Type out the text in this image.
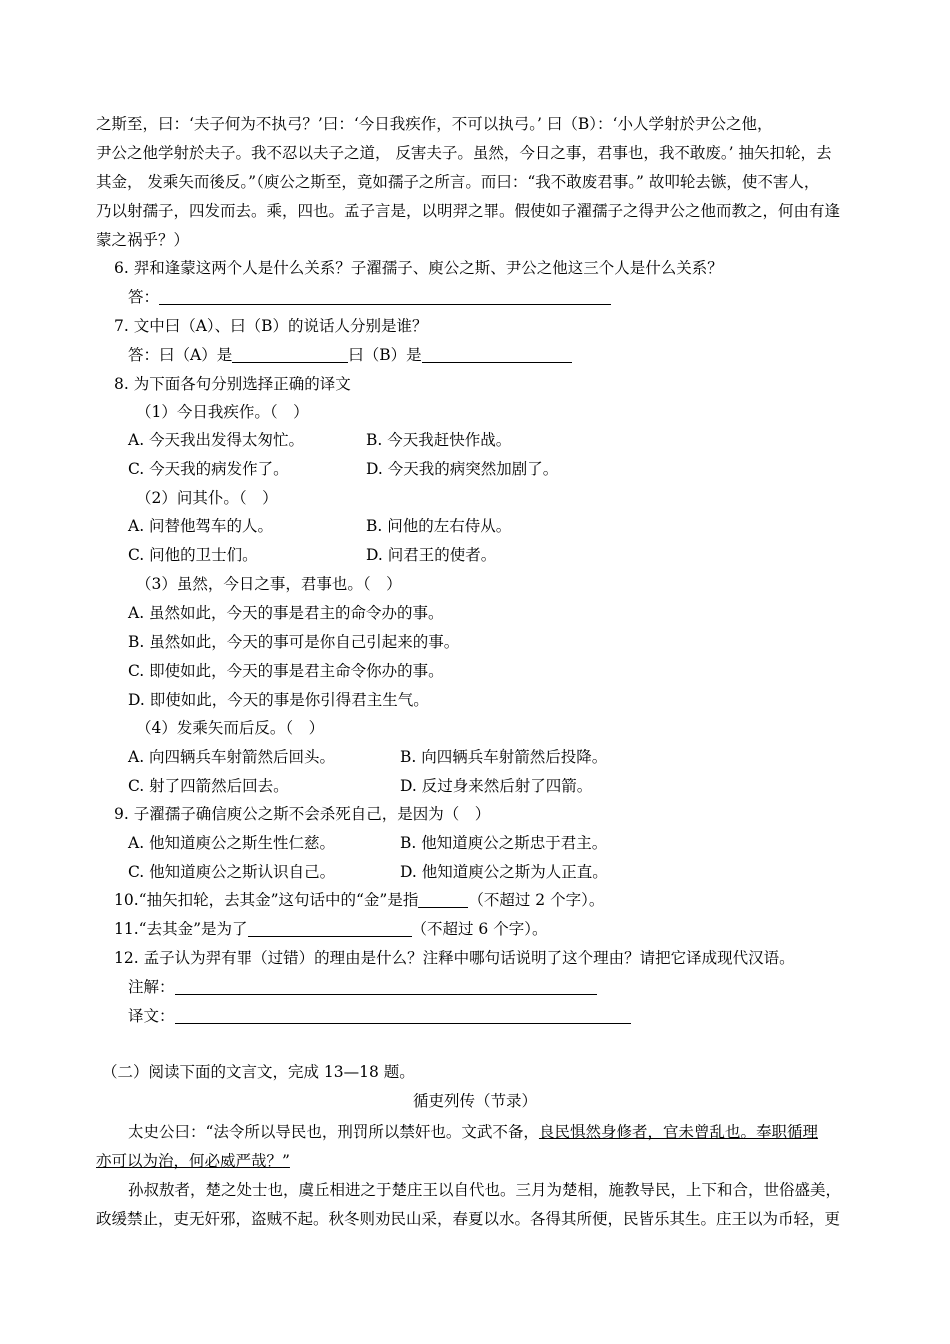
之斯至，曰：‘夫子何为不执弓？’曰：‘今日我疾作，不可以执弓。’ 曰（B）：‘小人学射於尹公之他，
尹公之他学射於夫子。我不忍以夫子之道， 反害夫子。虽然，今日之事，君事也，我不敢废。’ 抽矢扣轮，去
其金， 发乘矢而後反。”（庾公之斯至，竟如孺子之所言。而曰：“我不敢废君事。” 故叩轮去镞，使不害人，
乃以射孺子，四发而去。乘，四也。孟子言是，以明羿之罪。假使如子濯孺子之得尹公之他而教之，何由有逢
蒙之祸乎？）
6. 羿和逢蒙这两个人是什么关系？子濯孺子、庾公之斯、尹公之他这三个人是什么关系？
答：
7. 文中曰（A）、曰（B）的说话人分别是谁？
答：曰（A）是	曰（B）是
8. 为下面各句分别选择正确的译文
（1）今日我疾作。（　）
A. 今天我出发得太匆忙。	B. 今天我赶快作战。
C. 今天我的病发作了。	D. 今天我的病突然加剧了。
（2）问其仆。（　）
A. 问替他驾车的人。	B. 问他的左右侍从。
C. 问他的卫士们。	D. 问君王的使者。
（3）虽然，今日之事，君事也。（　）
A. 虽然如此，今天的事是君主的命令办的事。
B. 虽然如此，今天的事可是你自己引起来的事。
C. 即使如此，今天的事是君主命令你办的事。
D. 即使如此，今天的事是你引得君主生气。
（4）发乘矢而后反。（　）
A. 向四辆兵车射箭然后回头。	B. 向四辆兵车射箭然后投降。
C. 射了四箭然后回去。	D. 反过身来然后射了四箭。
9. 子濯孺子确信庾公之斯不会杀死自己，是因为（　）
A. 他知道庾公之斯生性仁慈。	B. 他知道庾公之斯忠于君主。
C. 他知道庾公之斯认识自己。	D. 他知道庾公之斯为人正直。
10.“抽矢扣轮，去其金”这句话中的“金”是指	（不超过 2 个字）。
11.“去其金”是为了	（不超过 6 个字）。
12. 孟子认为羿有罪（过错）的理由是什么？注释中哪句话说明了这个理由？请把它译成现代汉语。
注解：
译文：
（二）阅读下面的文言文，完成 13—18 题。
循吏列传（节录）
太史公曰：“法令所以导民也，刑罚所以禁奸也。文武不备，良民惧然身修者，官未曾乱也。奉职循理
亦可以为治，何必威严哉？”
孙叔敖者，楚之处士也，虞丘相进之于楚庄王以自代也。三月为楚相，施教导民，上下和合，世俗盛美，
政缓禁止，吏无奸邪，盗贼不起。秋冬则劝民山采，春夏以水。各得其所便，民皆乐其生。庄王以为币轻，更
